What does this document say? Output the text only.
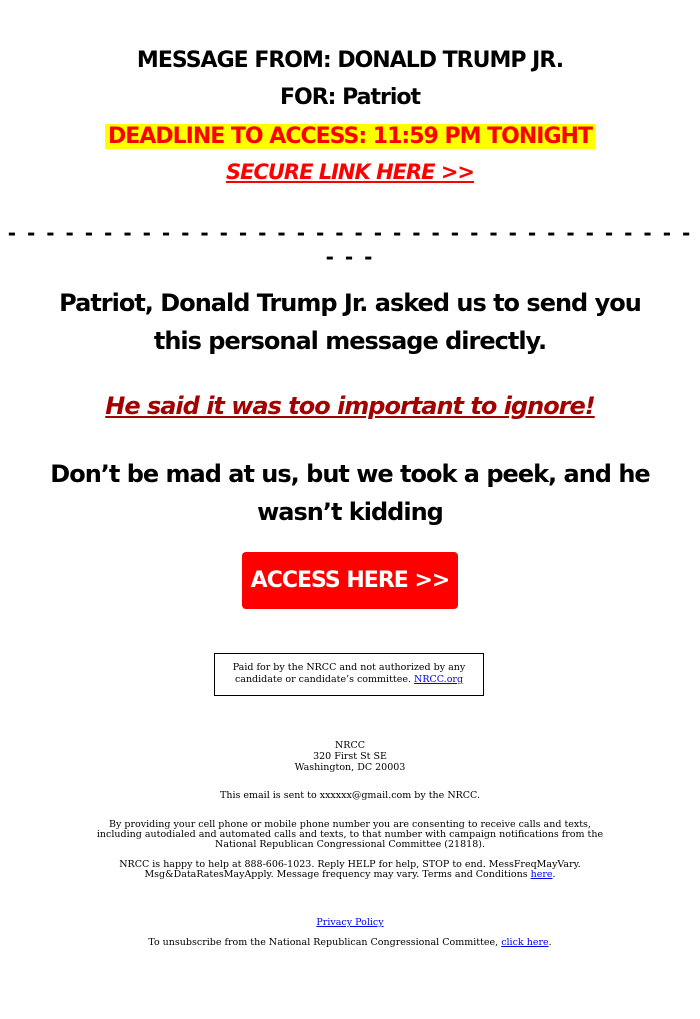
MESSAGE FROM: DONALD TRUMP JR.
FOR: Patriot
DEADLINE TO ACCESS: 11:59 PM TONIGHT
SECURE LINK HERE >>
- - - - - - - - - - - - - - - - - - - - - - - - - - - - - - - - - - - - - - -
Patriot, Donald Trump Jr. asked us to send you this personal message directly.
He said it was too important to ignore!
Don’t be mad at us, but we took a peek, and he wasn’t kidding
ACCESS HERE >>
Paid for by the NRCC and not authorized by any candidate or candidate’s committee. NRCC.org
NRCC
320 First St SE
Washington, DC 20003
This email is sent to xxxxxx@gmail.com by the NRCC.
By providing your cell phone or mobile phone number you are consenting to receive calls and texts, including autodialed and automated calls and texts, to that number with campaign notifications from the National Republican Congressional Committee (21818).
NRCC is happy to help at 888-606-1023. Reply HELP for help, STOP to end. MessFreqMayVary. Msg&DataRatesMayApply. Message frequency may vary. Terms and Conditions here.
Privacy Policy
To unsubscribe from the National Republican Congressional Committee, click here.
